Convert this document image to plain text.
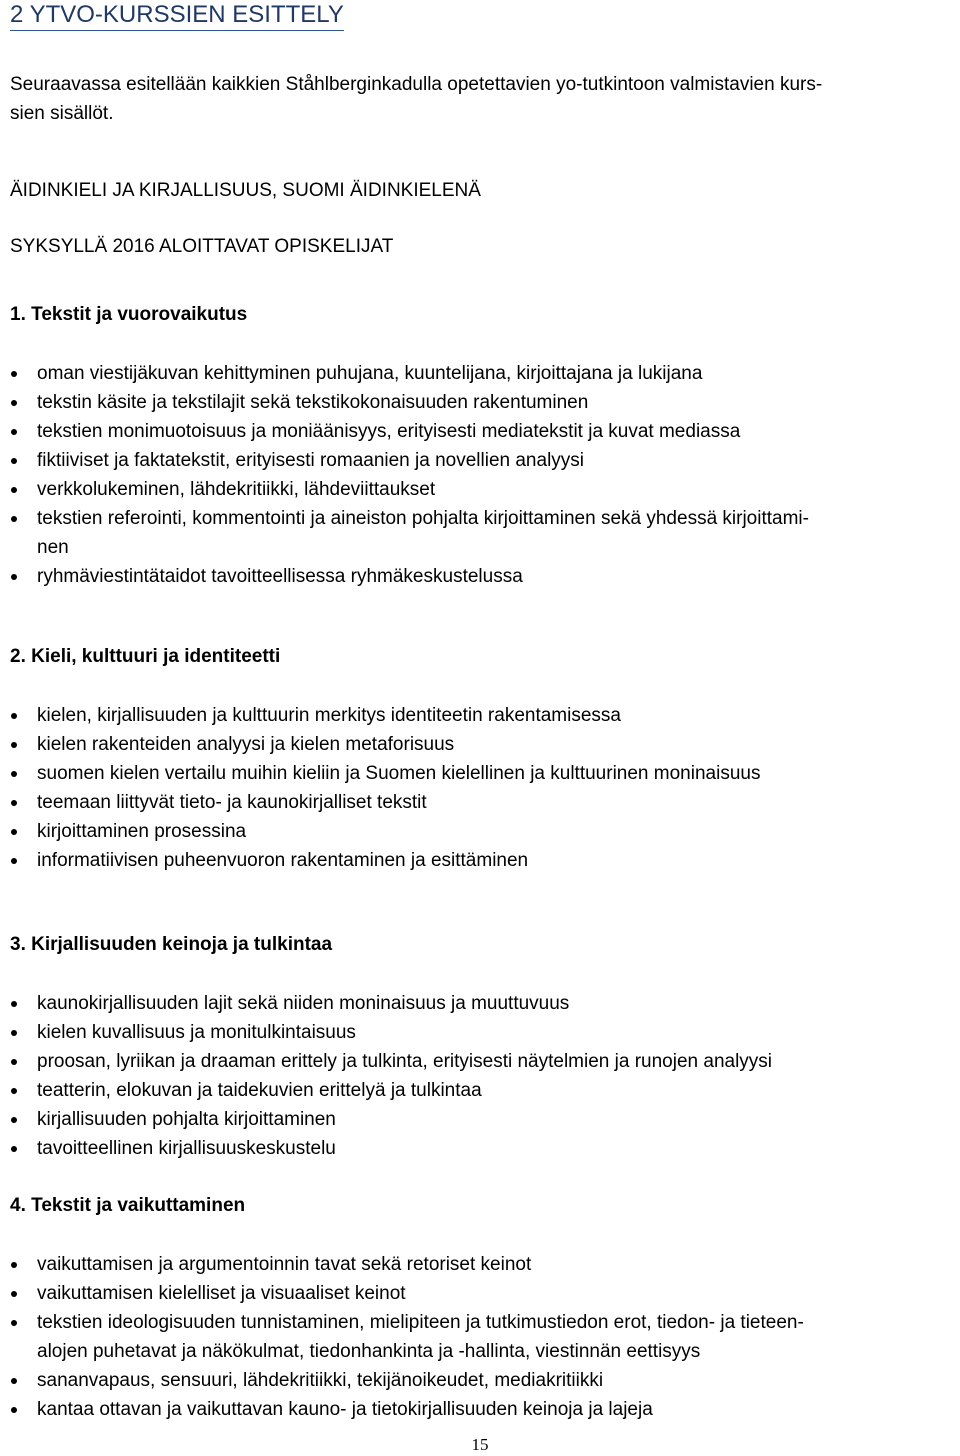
2 YTVO-KURSSIEN ESITTELY

Seuraavassa esitellään kaikkien Ståhlberginkadulla opetettavien yo-tutkintoon valmistavien kurs-
sien sisällöt.

ÄIDINKIELI JA KIRJALLISUUS, SUOMI ÄIDINKIELENÄ
SYKSYLLÄ 2016 ALOITTAVAT OPISKELIJAT
1. Tekstit ja vuorovaikutus
oman viestijäkuvan kehittyminen puhujana, kuuntelijana, kirjoittajana ja lukijana
tekstin käsite ja tekstilajit sekä tekstikokonaisuuden rakentuminen
tekstien monimuotoisuus ja moniäänisyys, erityisesti mediatekstit ja kuvat mediassa
fiktiiviset ja faktatekstit, erityisesti romaanien ja novellien analyysi
verkkolukeminen, lähdekritiikki, lähdeviittaukset
tekstien referointi, kommentointi ja aineiston pohjalta kirjoittaminen sekä yhdessä kirjoittami-
nen
ryhmäviestintätaidot tavoitteellisessa ryhmäkeskustelussa
2. Kieli, kulttuuri ja identiteetti
kielen, kirjallisuuden ja kulttuurin merkitys identiteetin rakentamisessa
kielen rakenteiden analyysi ja kielen metaforisuus
suomen kielen vertailu muihin kieliin ja Suomen kielellinen ja kulttuurinen moninaisuus
teemaan liittyvät tieto- ja kaunokirjalliset tekstit
kirjoittaminen prosessina
informatiivisen puheenvuoron rakentaminen ja esittäminen
3. Kirjallisuuden keinoja ja tulkintaa
kaunokirjallisuuden lajit sekä niiden moninaisuus ja muuttuvuus
kielen kuvallisuus ja monitulkintaisuus
proosan, lyriikan ja draaman erittely ja tulkinta, erityisesti näytelmien ja runojen analyysi
teatterin, elokuvan ja taidekuvien erittelyä ja tulkintaa
kirjallisuuden pohjalta kirjoittaminen
tavoitteellinen kirjallisuuskeskustelu
4. Tekstit ja vaikuttaminen
vaikuttamisen ja argumentoinnin tavat sekä retoriset keinot
vaikuttamisen kielelliset ja visuaaliset keinot
tekstien ideologisuuden tunnistaminen, mielipiteen ja tutkimustiedon erot, tiedon- ja tieteen-
alojen puhetavat ja näkökulmat, tiedonhankinta ja -hallinta, viestinnän eettisyys
sananvapaus, sensuuri, lähdekritiikki, tekijänoikeudet, mediakritiikki
kantaa ottavan ja vaikuttavan kauno- ja tietokirjallisuuden keinoja ja lajeja
15
